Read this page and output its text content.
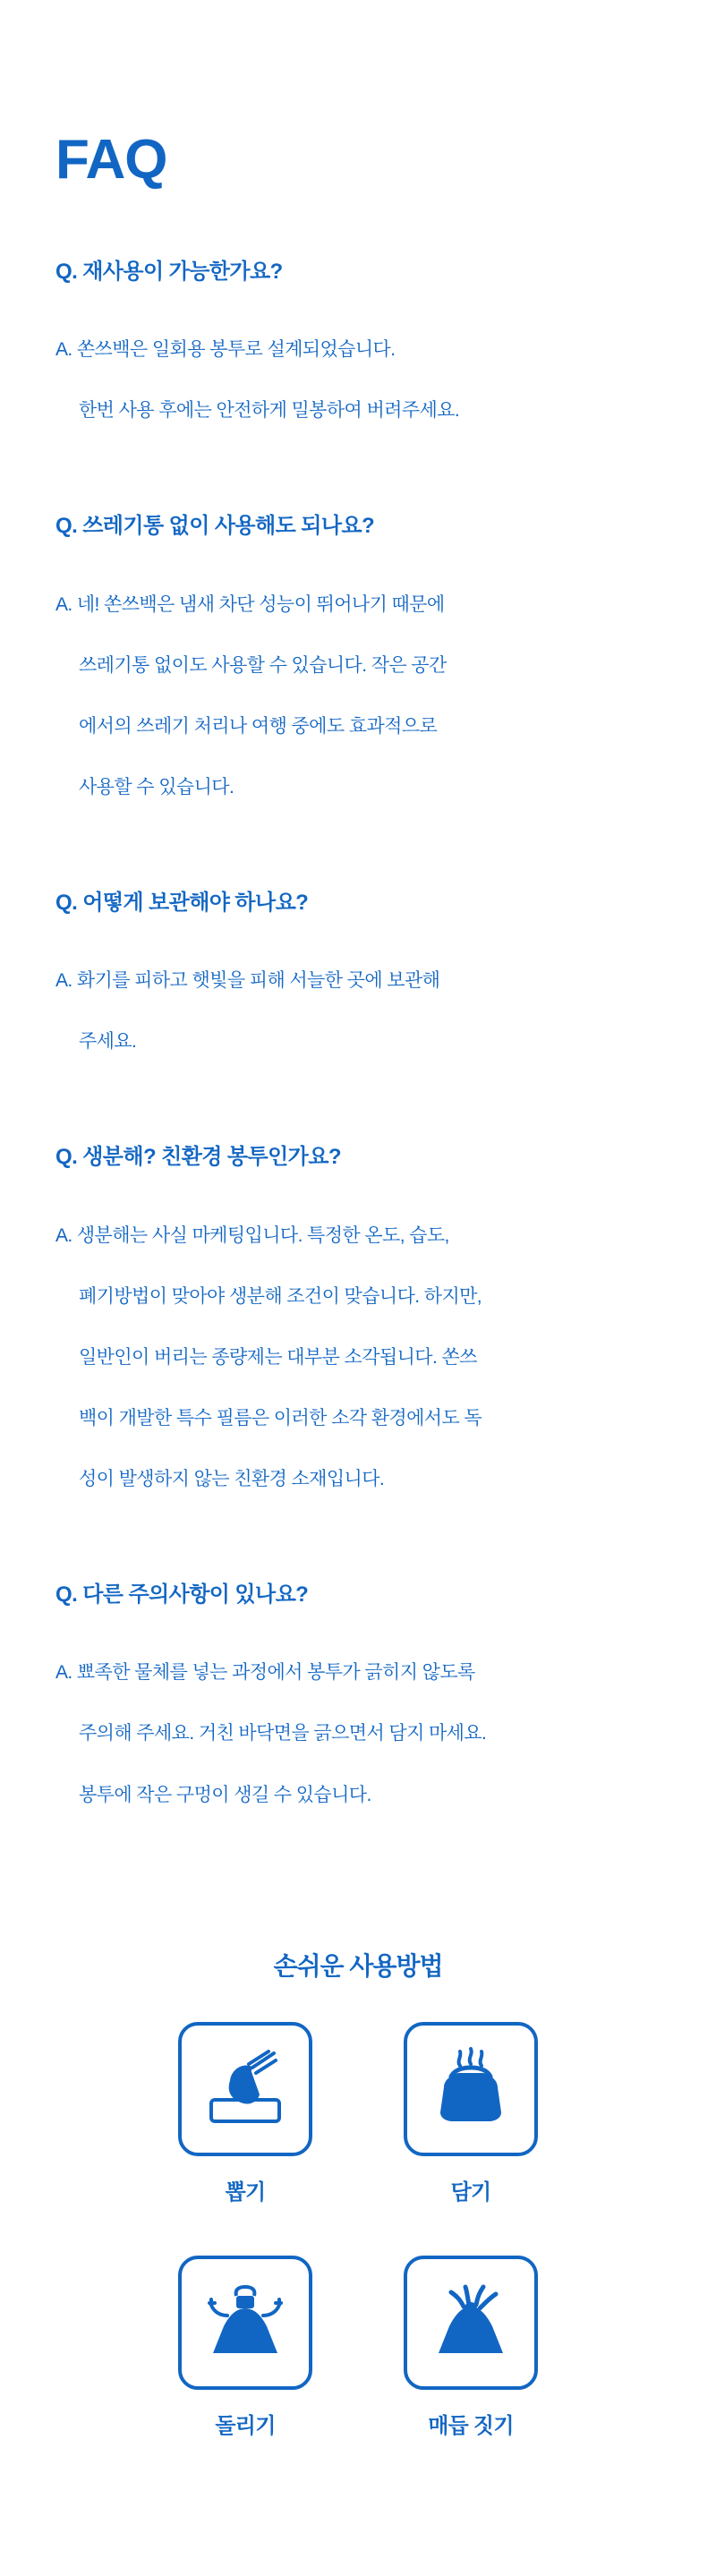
FAQ

Q. 재사용이 가능한가요?

A. 쏜쓰백은 일회용 봉투로 설계되었습니다.

한번 사용 후에는 안전하게 밀봉하여 버려주세요.

Q. 쓰레기통 없이 사용해도 되나요?

A. 네! 쏜쓰백은 냄새 차단 성능이 뛰어나기 때문에

쓰레기통 없이도 사용할 수 있습니다. 작은 공간

에서의 쓰레기 처리나 여행 중에도 효과적으로

사용할 수 있습니다.

Q. 어떻게 보관해야 하나요?

A. 화기를 피하고 햇빛을 피해 서늘한 곳에 보관해

주세요.

Q. 생분해? 친환경 봉투인가요?

A. 생분해는 사실 마케팅입니다. 특정한 온도, 습도,

폐기방법이 맞아야 생분해 조건이 맞습니다. 하지만,

일반인이 버리는 종량제는 대부분 소각됩니다. 쏜쓰

백이 개발한 특수 필름은 이러한 소각 환경에서도 독

성이 발생하지 않는 친환경 소재입니다.

Q. 다른 주의사항이 있나요?

A. 뾰족한 물체를 넣는 과정에서 봉투가 긁히지 않도록

주의해 주세요. 거친 바닥면을 긁으면서 담지 마세요.

봉투에 작은 구멍이 생길 수 있습니다.

손쉬운 사용방법
뽑기	담기
돌리기	매듭 짓기
